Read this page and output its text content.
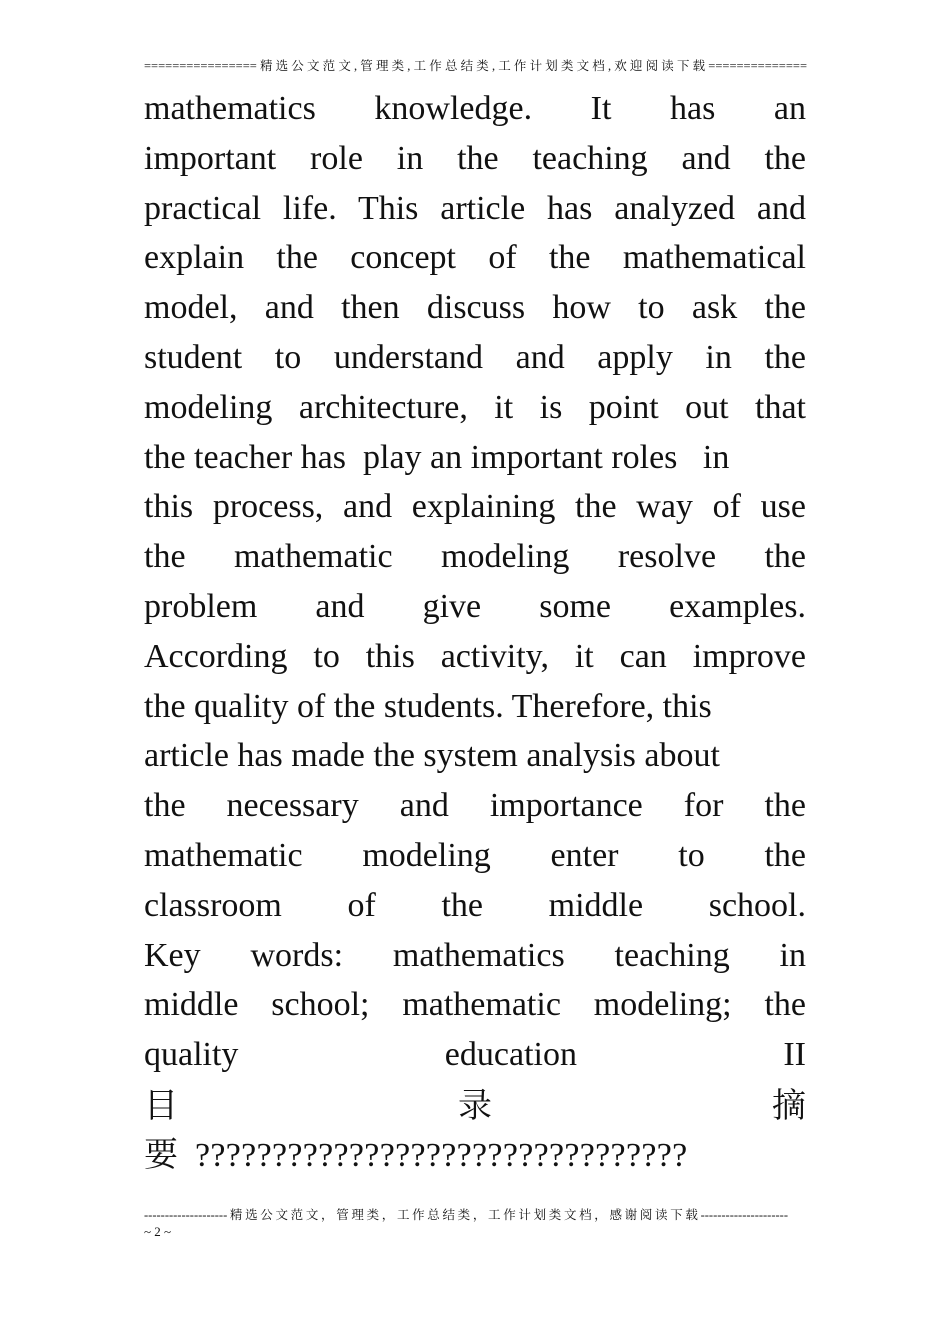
================精选公文范文,管理类,工作总结类,工作计划类文档,欢迎阅读下载==============
mathematics knowledge. It has an
important role in the teaching and the
practical life. This article has analyzed and
explain the concept of the mathematical
model, and then discuss how to ask the
student to understand and apply in the
modeling architecture, it is point out that
the teacher has  play an important roles   in
this process, and explaining the way of use
the mathematic modeling resolve the
problem and give some examples.
According to this activity, it can improve
the quality of the students. Therefore, this
article has made the system analysis about
the necessary and importance for the
mathematic modeling enter to the
classroom of the middle school.
Key words: mathematics teaching in
middle school; mathematic modeling; the
quality education II
目	录	摘
要 ????????????????????????????????
--------------------精选公文范文，管理类，工作总结类，工作计划类文档，感谢阅读下载---------------------
~ 2 ~
